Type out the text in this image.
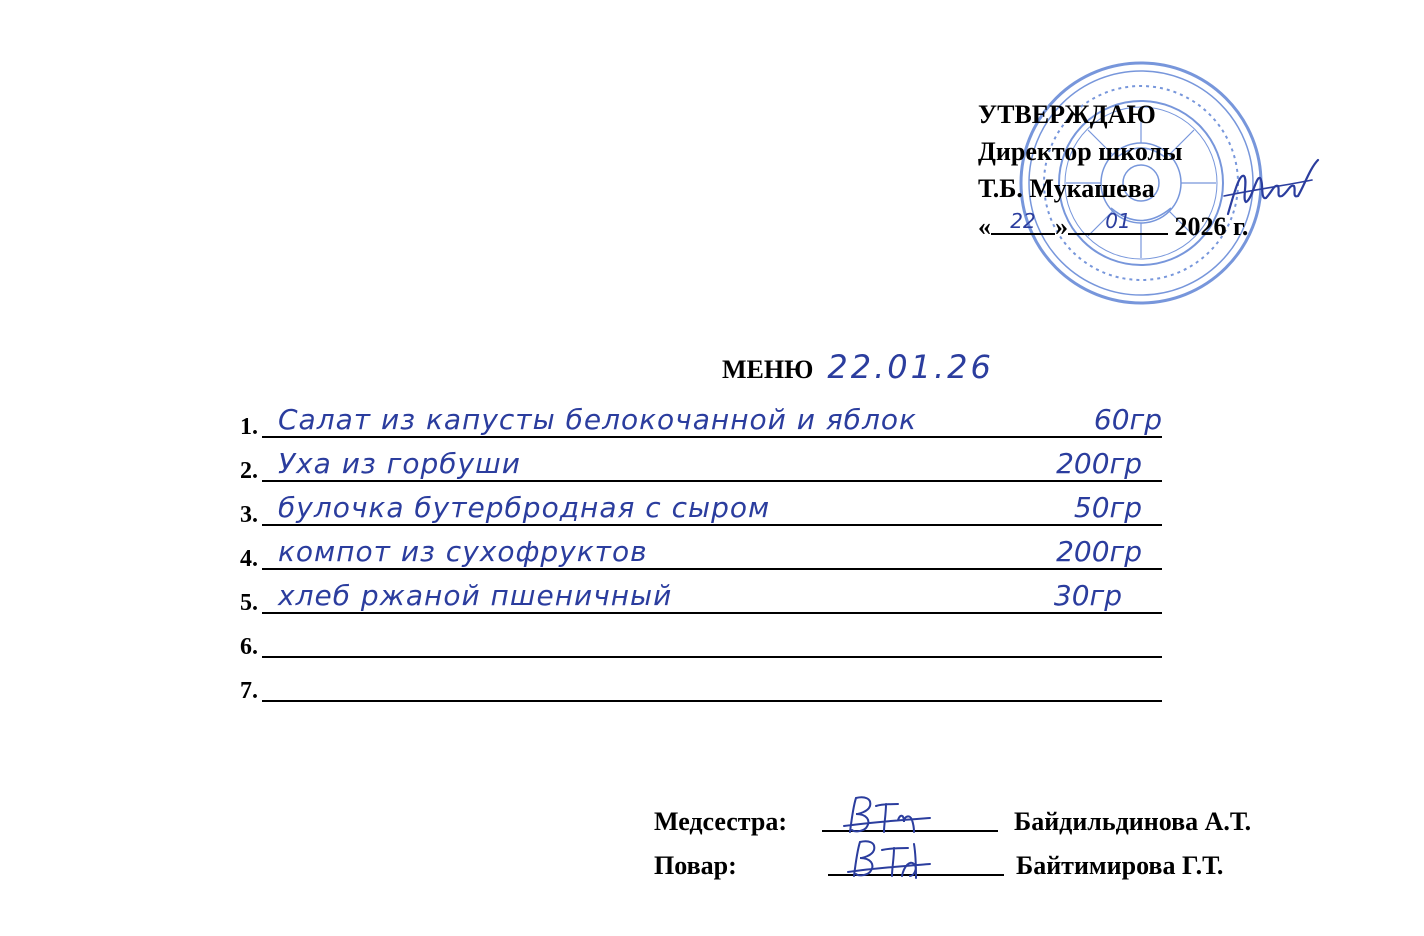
УТВЕРЖДАЮ
Директор школы
Т.Б. Мукашева
« 22 »	01	2026 г.
МЕНЮ 22.01.26
1. Салат из капусты белокочанной и яблок	60гр
2. Уха из горбуши	200гр
3. булочка бутербродная с сыром	50гр
4. компот из сухофруктов	200гр
5. хлеб ржаной пшеничный	30гр
6.
7.
Медсестра:	Байдильдинова А.Т.
Повар:	Байтимирова Г.Т.
